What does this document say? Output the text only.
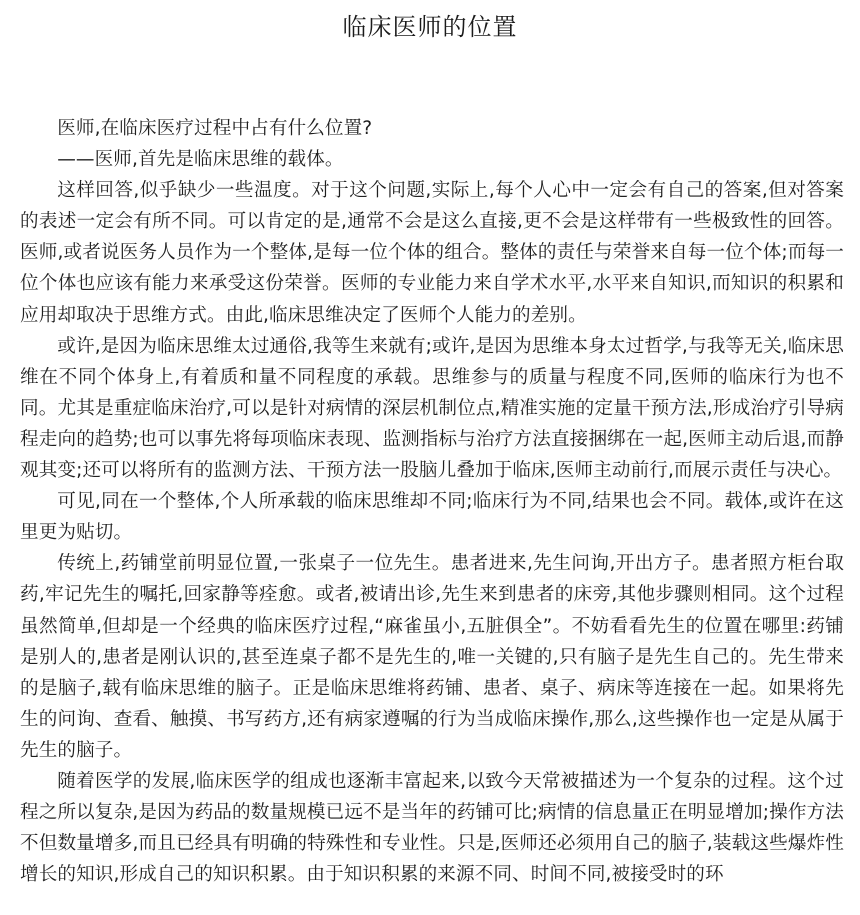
临床医师的位置

医师,在临床医疗过程中占有什么位置?

——医师,首先是临床思维的载体。

这样回答,似乎缺少一些温度。对于这个问题,实际上,每个人心中一定会有自己的答案,但对答案的表述一定会有所不同。可以肯定的是,通常不会是这么直接,更不会是这样带有一些极致性的回答。医师,或者说医务人员作为一个整体,是每一位个体的组合。整体的责任与荣誉来自每一位个体;而每一位个体也应该有能力来承受这份荣誉。医师的专业能力来自学术水平,水平来自知识,而知识的积累和应用却取决于思维方式。由此,临床思维决定了医师个人能力的差别。

或许,是因为临床思维太过通俗,我等生来就有;或许,是因为思维本身太过哲学,与我等无关,临床思维在不同个体身上,有着质和量不同程度的承载。思维参与的质量与程度不同,医师的临床行为也不同。尤其是重症临床治疗,可以是针对病情的深层机制位点,精准实施的定量干预方法,形成治疗引导病程走向的趋势;也可以事先将每项临床表现、监测指标与治疗方法直接捆绑在一起,医师主动后退,而静观其变;还可以将所有的监测方法、干预方法一股脑儿叠加于临床,医师主动前行,而展示责任与决心。

可见,同在一个整体,个人所承载的临床思维却不同;临床行为不同,结果也会不同。载体,或许在这里更为贴切。

传统上,药铺堂前明显位置,一张桌子一位先生。患者进来,先生问询,开出方子。患者照方柜台取药,牢记先生的嘱托,回家静等痊愈。或者,被请出诊,先生来到患者的床旁,其他步骤则相同。这个过程虽然简单,但却是一个经典的临床医疗过程,“麻雀虽小,五脏俱全”。不妨看看先生的位置在哪里:药铺是别人的,患者是刚认识的,甚至连桌子都不是先生的,唯一关键的,只有脑子是先生自己的。先生带来的是脑子,载有临床思维的脑子。正是临床思维将药铺、患者、桌子、病床等连接在一起。如果将先生的问询、查看、触摸、书写药方,还有病家遵嘱的行为当成临床操作,那么,这些操作也一定是从属于先生的脑子。

随着医学的发展,临床医学的组成也逐渐丰富起来,以致今天常被描述为一个复杂的过程。这个过程之所以复杂,是因为药品的数量规模已远不是当年的药铺可比;病情的信息量正在明显增加;操作方法不但数量增多,而且已经具有明确的特殊性和专业性。只是,医师还必须用自己的脑子,装载这些爆炸性增长的知识,形成自己的知识积累。由于知识积累的来源不同、时间不同,被接受时的环
